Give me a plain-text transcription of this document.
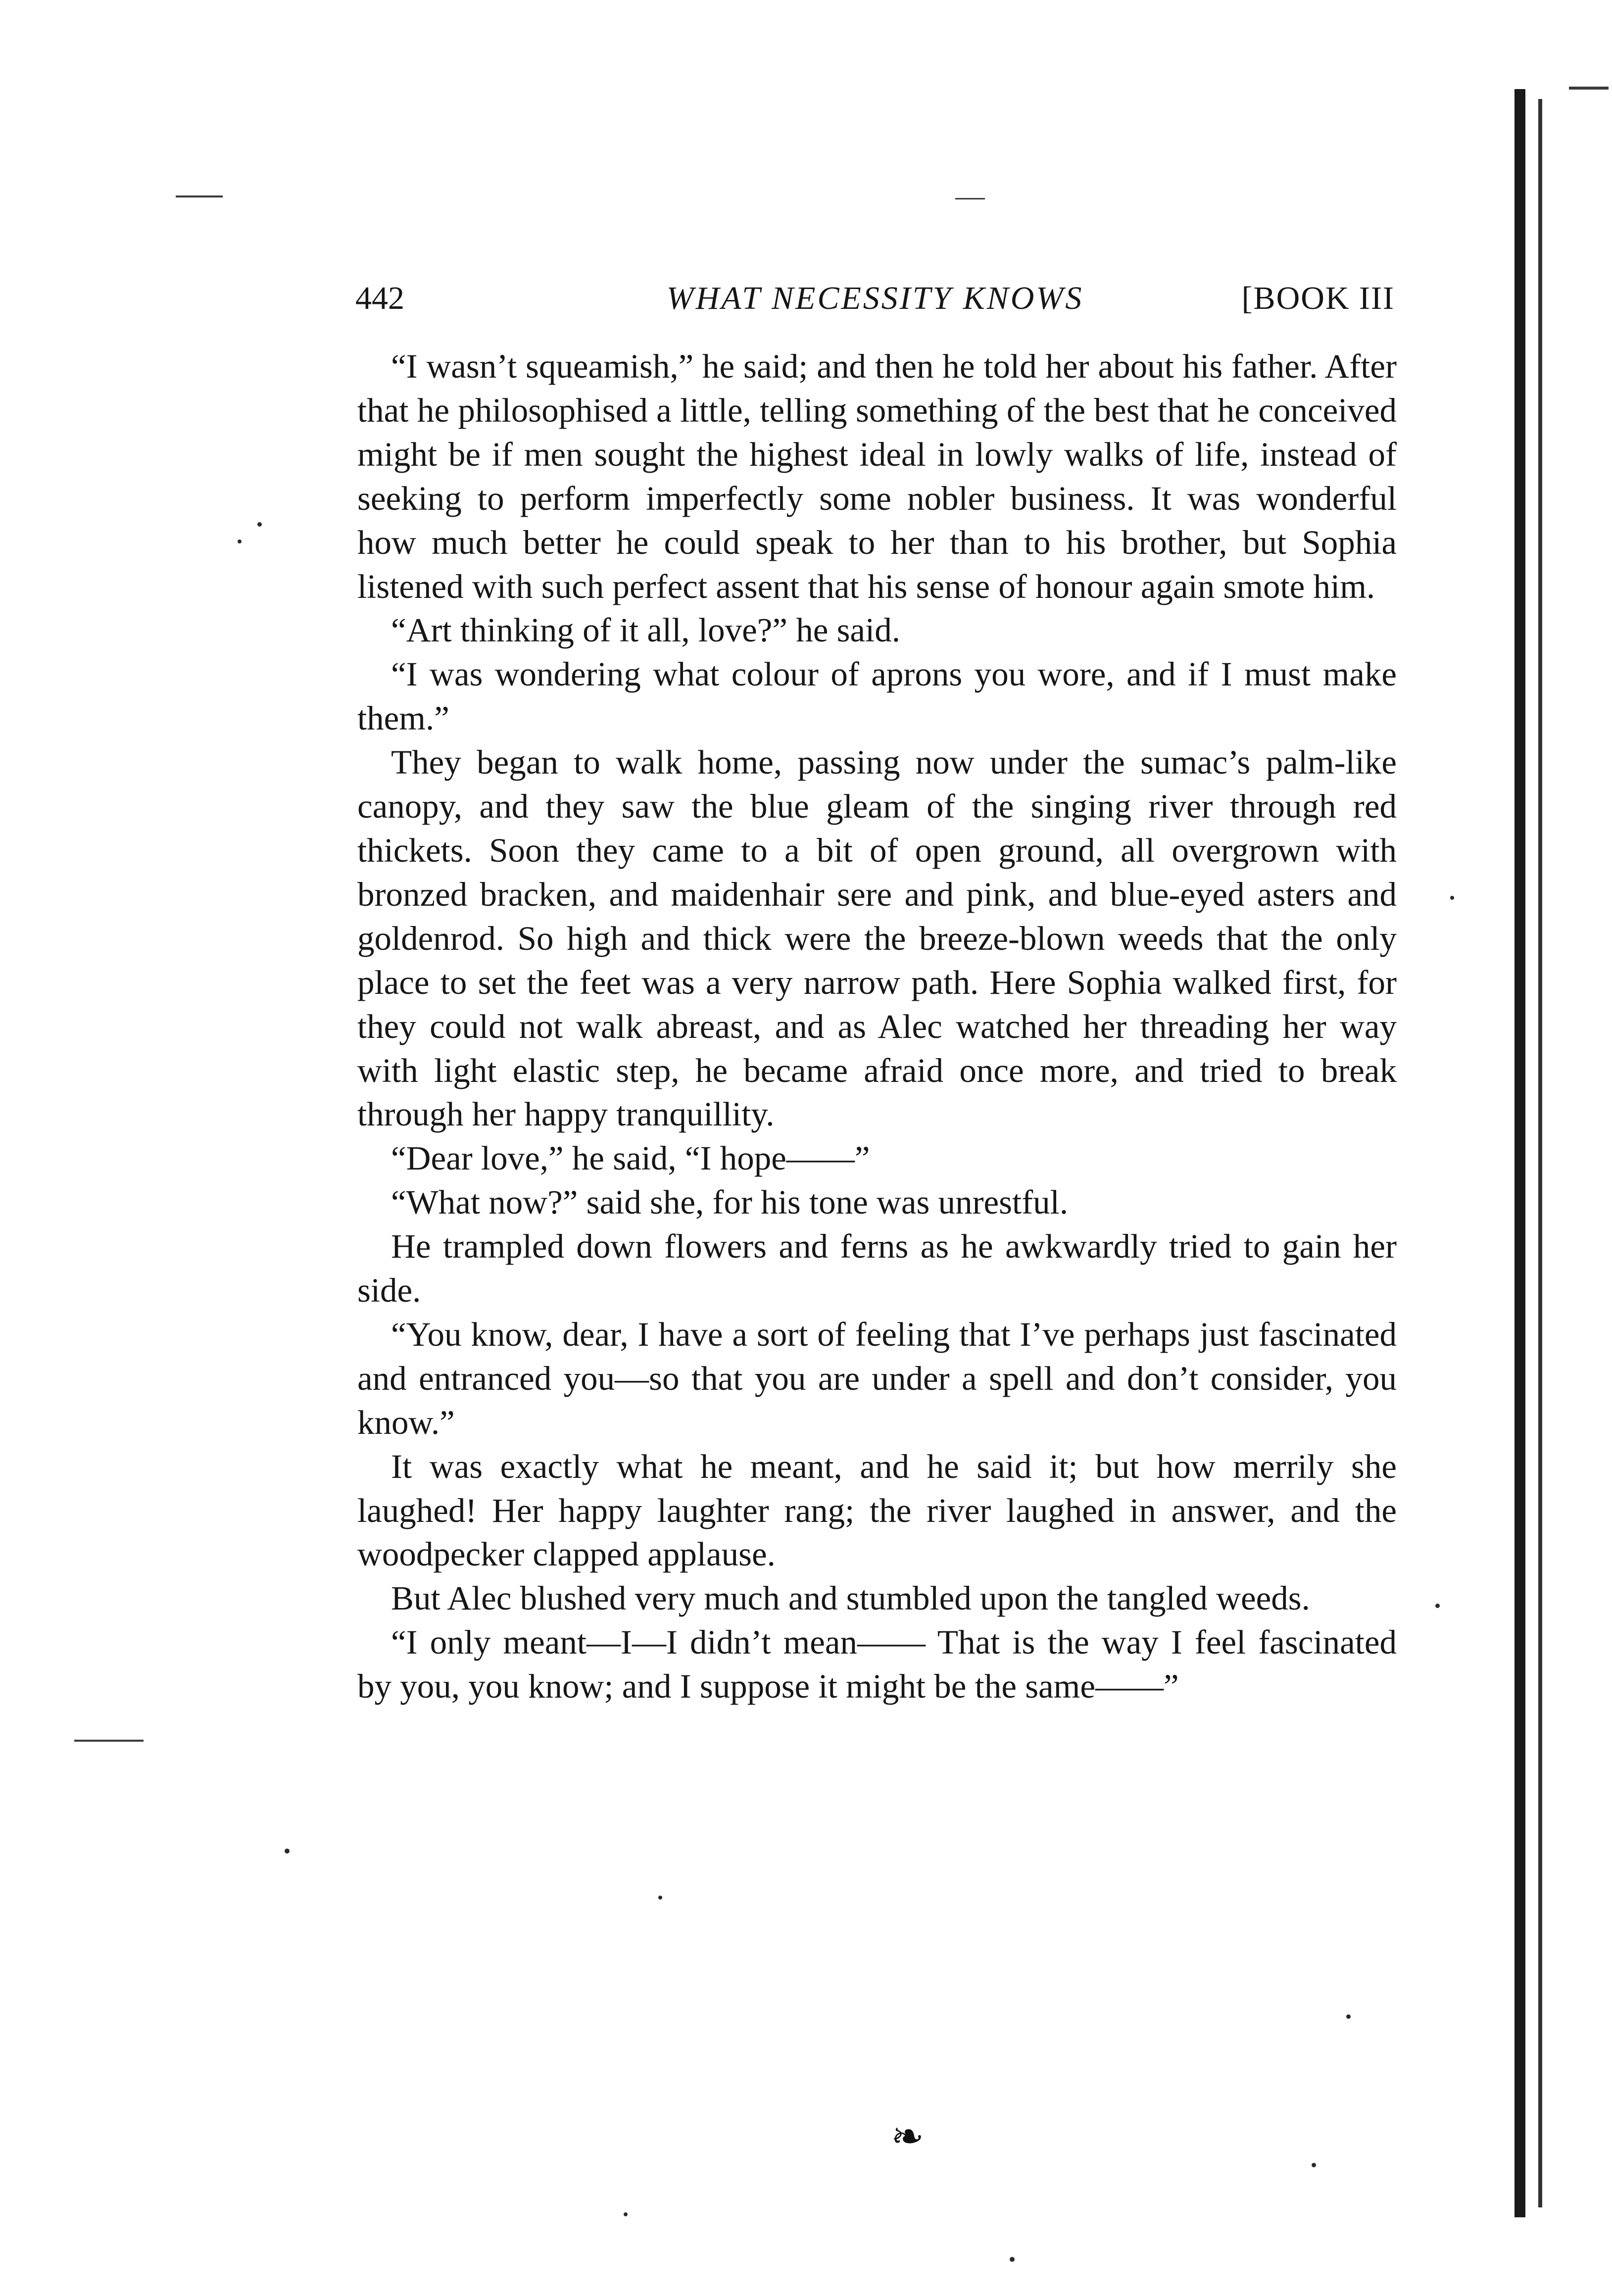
442	WHAT NECESSITY KNOWS	[BOOK III

“I wasn’t squeamish,” he said; and then he told her about his father. After that he philosophised a little, telling something of the best that he conceived might be if men sought the highest ideal in lowly walks of life, instead of seeking to perform imperfectly some nobler business. It was wonderful how much better he could speak to her than to his brother, but Sophia listened with such perfect assent that his sense of honour again smote him.

“Art thinking of it all, love?” he said.

“I was wondering what colour of aprons you wore, and if I must make them.”

They began to walk home, passing now under the sumac’s palm-like canopy, and they saw the blue gleam of the singing river through red thickets. Soon they came to a bit of open ground, all overgrown with bronzed bracken, and maidenhair sere and pink, and blue-eyed asters and goldenrod. So high and thick were the breeze-blown weeds that the only place to set the feet was a very narrow path. Here Sophia walked first, for they could not walk abreast, and as Alec watched her threading her way with light elastic step, he became afraid once more, and tried to break through her happy tranquillity.

“Dear love,” he said, “I hope——”

“What now?” said she, for his tone was unrestful.

He trampled down flowers and ferns as he awkwardly tried to gain her side.

“You know, dear, I have a sort of feeling that I’ve perhaps just fascinated and entranced you—so that you are under a spell and don’t consider, you know.”

It was exactly what he meant, and he said it; but how merrily she laughed! Her happy laughter rang; the river laughed in answer, and the woodpecker clapped applause.

But Alec blushed very much and stumbled upon the tangled weeds.

“I only meant—I—I didn’t mean—— That is the way I feel fascinated by you, you know; and I suppose it might be the same——”

❧
